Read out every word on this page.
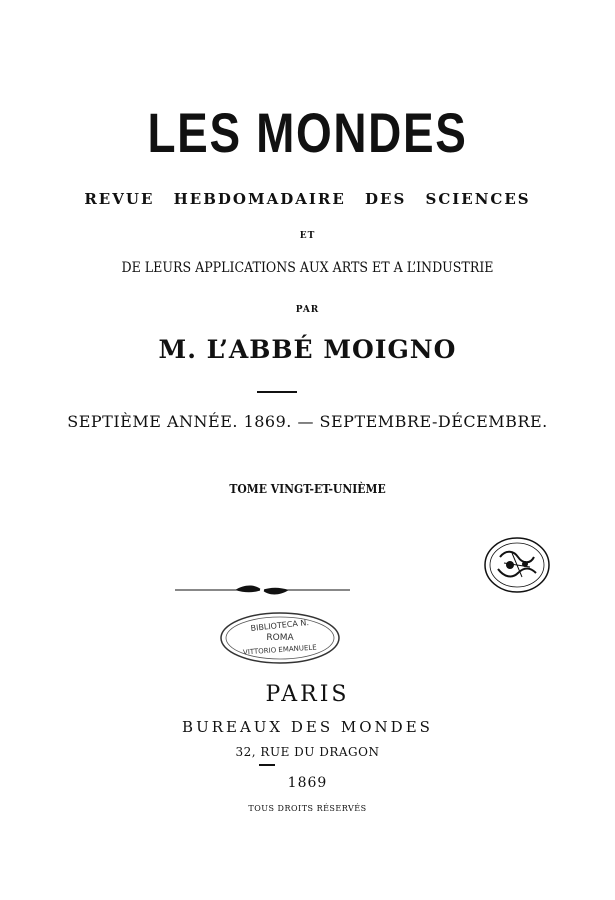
LES MONDES
REVUE HEBDOMADAIRE DES SCIENCES
ET
DE LEURS APPLICATIONS AUX ARTS ET A L’INDUSTRIE
PAR
M. L’ABBÉ MOIGNO
SEPTIÈME ANNÉE. 1869. — SEPTEMBRE-DÉCEMBRE.
TOME VINGT-ET-UNIÈME
BIBLIOTECA N.
ROMA
VITTORIO EMANUELE
PARIS
BUREAUX DES MONDES
32, RUE DU DRAGON
1869
TOUS DROITS RÉSERVÉS
